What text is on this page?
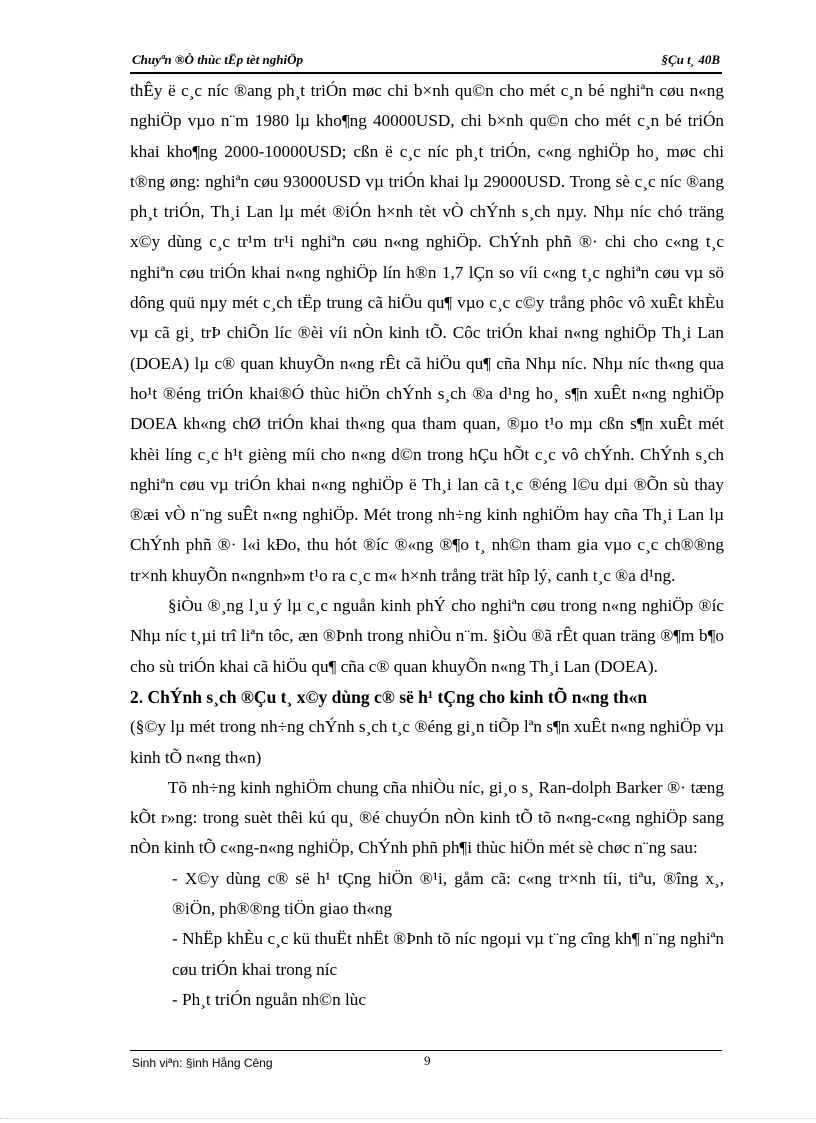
Chuyªn ®Ò thùc tËp tèt nghiÖp	§Çu t¸ 40B

thÊy ë c¸c níc ®ang ph¸t triÓn møc chi b×nh qu©n cho mét c¸n bé nghiªn cøu n«ng nghiÖp vµo n¨m 1980 lµ kho¶ng 40000USD, chi b×nh qu©n cho mét c¸n bé triÓn khai kho¶ng 2000-10000USD; cßn ë c¸c níc ph¸t triÓn, c«ng nghiÖp ho¸ møc chi t®ng øng: nghiªn cøu 93000USD vµ triÓn khai lµ 29000USD. Trong sè c¸c níc ®ang ph¸t triÓn, Th¸i Lan lµ mét ®iÓn h×nh tèt vÒ chÝnh s¸ch nµy. Nhµ níc chó träng x©y dùng c¸c tr¹m tr¹i nghiªn cøu n«ng nghiÖp. ChÝnh phñ ®· chi cho c«ng t¸c nghiªn cøu triÓn khai n«ng nghiÖp lín h®n 1,7 lÇn so víi c«ng t¸c nghiªn cøu vµ sö dông quü nµy mét c¸ch tËp trung cã hiÖu qu¶ vµo c¸c c©y trång phôc vô xuÊt khÈu vµ cã gi¸ trÞ chiÕn líc ®èi víi nÒn kinh tÕ. Côc triÓn khai n«ng nghiÖp Th¸i Lan (DOEA) lµ c® quan khuyÕn n«ng rÊt cã hiÖu qu¶ cña Nhµ níc. Nhµ níc th«ng qua ho¹t ®éng triÓn khai®Ó thùc hiÖn chÝnh s¸ch ®a d¹ng ho¸ s¶n xuÊt n«ng nghiÖp DOEA kh«ng chØ triÓn khai th«ng qua tham quan, ®µo t¹o mµ cßn s¶n xuÊt mét khèi líng c¸c h¹t gièng míi cho n«ng d©n trong hÇu hÕt c¸c vô chÝnh. ChÝnh s¸ch nghiªn cøu vµ triÓn khai n«ng nghiÖp ë Th¸i lan cã t¸c ®éng l©u dµi ®Õn sù thay ®æi vÒ n¨ng suÊt n«ng nghiÖp. Mét trong nh÷ng kinh nghiÖm hay cña Th¸i Lan lµ ChÝnh phñ ®· l«i kÐo, thu hót ®íc ®«ng ®¶o t¸ nh©n tham gia vµo c¸c ch®®ng tr×nh khuyÕn n«ngnh»m t¹o ra c¸c m« h×nh trång trät hîp lý, canh t¸c ®a d¹ng.

§iÒu ®¸ng l¸u ý lµ c¸c nguån kinh phÝ cho nghiªn cøu trong n«ng nghiÖp ®íc Nhµ níc t¸µi trî liªn tôc, æn ®Þnh trong nhiÒu n¨m. §iÒu ®ã rÊt quan träng ®¶m b¶o cho sù triÓn khai cã hiÖu qu¶ cña c® quan khuyÕn n«ng Th¸i Lan (DOEA).

2. ChÝnh s¸ch ®Çu t¸ x©y dùng c® së h¹ tÇng cho kinh tÕ n«ng th«n

(§©y lµ mét trong nh÷ng chÝnh s¸ch t¸c ®éng gi¸n tiÕp lªn s¶n xuÊt n«ng nghiÖp vµ kinh tÕ n«ng th«n)

Tõ nh÷ng kinh nghiÖm chung cña nhiÒu níc, gi¸o s¸ Ran-dolph Barker ®· tæng kÕt r»ng: trong suèt thêi kú qu¸ ®é chuyÓn nÒn kinh tÕ tõ n«ng-c«ng nghiÖp sang nÒn kinh tÕ c«ng-n«ng nghiÖp, ChÝnh phñ ph¶i thùc hiÖn mét sè chøc n¨ng sau:

- X©y dùng c® së h¹ tÇng hiÖn ®¹i, gåm cã: c«ng tr×nh tíi, tiªu, ®îng x¸, ®iÖn, ph®®ng tiÖn giao th«ng

- NhËp khÈu c¸c kü thuËt nhËt ®Þnh tõ níc ngoµi vµ t¨ng cîng kh¶ n¨ng nghiªn cøu triÓn khai trong níc

- Ph¸t triÓn nguån nh©n lùc

Sinh viªn: §inh Hång Cêng	9
